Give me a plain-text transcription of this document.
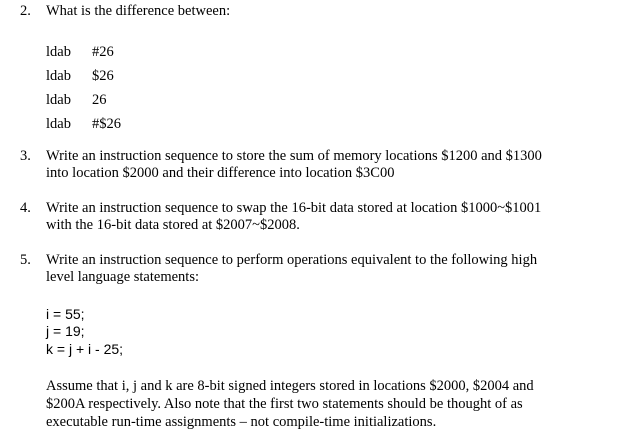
2. What is the difference between:
ldab #26
ldab $26
ldab 26
ldab #$26
3. Write an instruction sequence to store the sum of memory locations $1200 and $1300
into location $2000 and their difference into location $3C00
4. Write an instruction sequence to swap the 16-bit data stored at location $1000~$1001
with the 16-bit data stored at $2007~$2008.
5. Write an instruction sequence to perform operations equivalent to the following high
level language statements:
i = 55;
j = 19;
k = j + i - 25;
Assume that i, j and k are 8-bit signed integers stored in locations $2000, $2004 and
$200A respectively. Also note that the first two statements should be thought of as
executable run-time assignments – not compile-time initializations.
